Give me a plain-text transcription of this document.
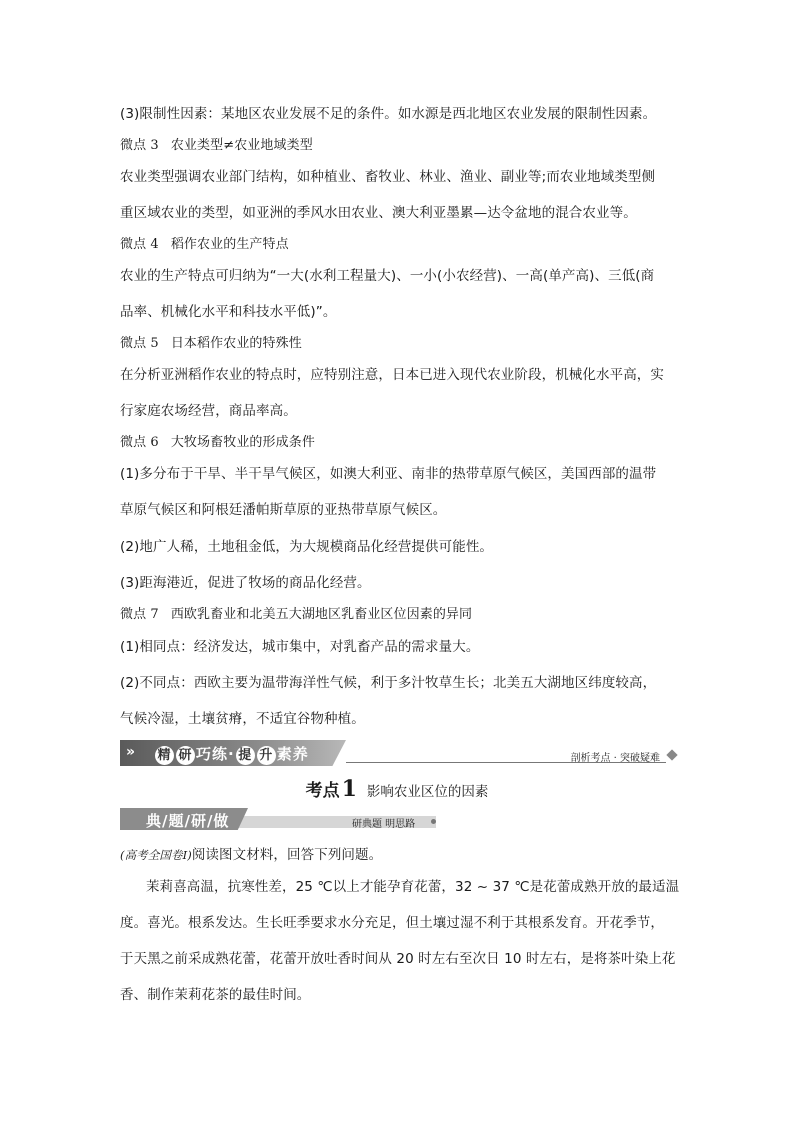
(3)限制性因素：某地区农业发展不足的条件。如水源是西北地区农业发展的限制性因素。
微点 3 农业类型≠农业地域类型
农业类型强调农业部门结构，如种植业、畜牧业、林业、渔业、副业等;而农业地域类型侧
重区域农业的类型，如亚洲的季风水田农业、澳大利亚墨累—达令盆地的混合农业等。
微点 4 稻作农业的生产特点
农业的生产特点可归纳为“一大(水利工程量大)、一小(小农经营)、一高(单产高)、三低(商
品率、机械化水平和科技水平低)”。
微点 5 日本稻作农业的特殊性
在分析亚洲稻作农业的特点时，应特别注意，日本已进入现代农业阶段，机械化水平高，实
行家庭农场经营，商品率高。
微点 6 大牧场畜牧业的形成条件
(1)多分布于干旱、半干旱气候区，如澳大利亚、南非的热带草原气候区，美国西部的温带
草原气候区和阿根廷潘帕斯草原的亚热带草原气候区。
(2)地广人稀，土地租金低，为大规模商品化经营提供可能性。
(3)距海港近，促进了牧场的商品化经营。
微点 7 西欧乳畜业和北美五大湖地区乳畜业区位因素的异同
(1)相同点：经济发达，城市集中，对乳畜产品的需求量大。
(2)不同点：西欧主要为温带海洋性气候，利于多汁牧草生长；北美五大湖地区纬度较高，
气候冷湿，土壤贫瘠，不适宜谷物种植。
»	精 研 巧练· 提 升 素养	剖析考点 · 突破疑难
考点1 影响农业区位的因素
典/题/研/做	研典题 明思路
(高考全国卷Ⅰ)阅读图文材料，回答下列问题。
茉莉喜高温，抗寒性差，25 ℃以上才能孕育花蕾，32 ~ 37 ℃是花蕾成熟开放的最适温
度。喜光。根系发达。生长旺季要求水分充足，但土壤过湿不利于其根系发育。开花季节，
于天黑之前采成熟花蕾，花蕾开放吐香时间从 20 时左右至次日 10 时左右，是将茶叶染上花
香、制作茉莉花茶的最佳时间。
